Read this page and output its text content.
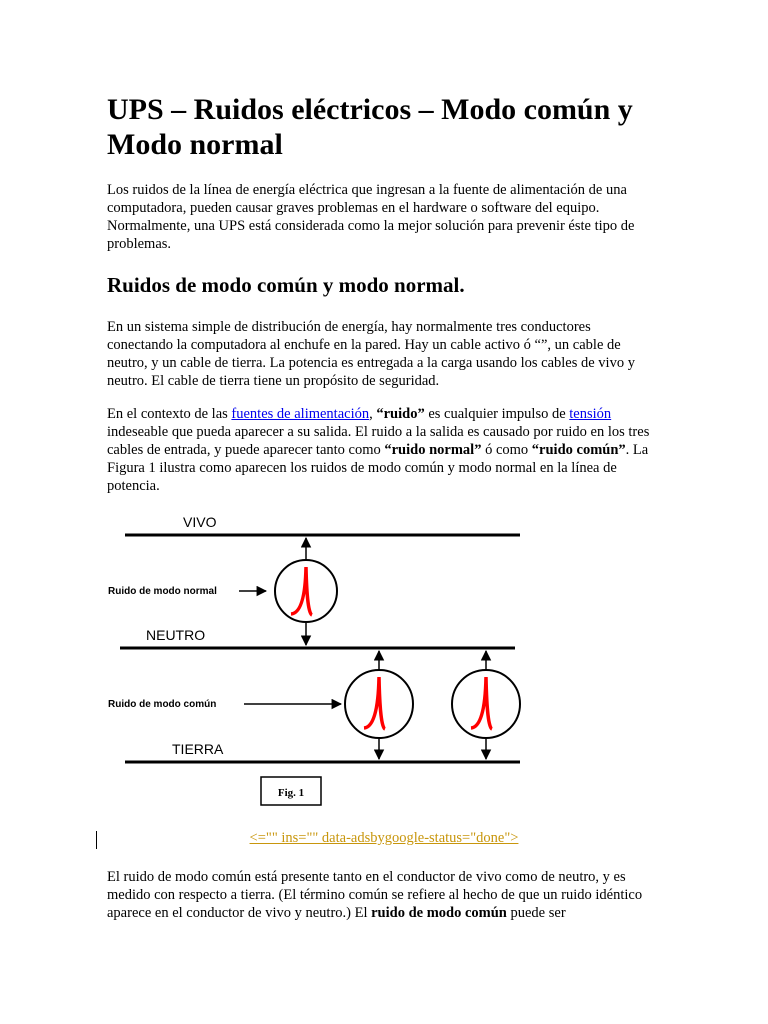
UPS – Ruidos eléctricos – Modo común y Modo normal

Los ruidos de la línea de energía eléctrica que ingresan a la fuente de alimentación de una computadora, pueden causar graves problemas en el hardware o software del equipo. Normalmente, una UPS está considerada como la mejor solución para prevenir éste tipo de problemas.

Ruidos de modo común y modo normal.

En un sistema simple de distribución de energía, hay normalmente tres conductores conectando la computadora al enchufe en la pared. Hay un cable activo ó “”, un cable de neutro, y un cable de tierra. La potencia es entregada a la carga usando los cables de vivo y neutro. El cable de tierra tiene un propósito de seguridad.

En el contexto de las fuentes de alimentación, “ruido” es cualquier impulso de tensión indeseable que pueda aparecer a su salida. El ruido a la salida es causado por ruido en los tres cables de entrada, y puede aparecer tanto como “ruido normal” ó como “ruido común”. La Figura 1 ilustra como aparecen los ruidos de modo común y modo normal en la línea de potencia.

VIVO
NEUTRO
TIERRA
Ruido de modo normal
Ruido de modo común
Fig. 1
<="" ins="" data-adsbygoogle-status="done">

El ruido de modo común está presente tanto en el conductor de vivo como de neutro, y es medido con respecto a tierra. (El término común se refiere al hecho de que un ruido idéntico aparece en el conductor de vivo y neutro.) El ruido de modo común puede ser
